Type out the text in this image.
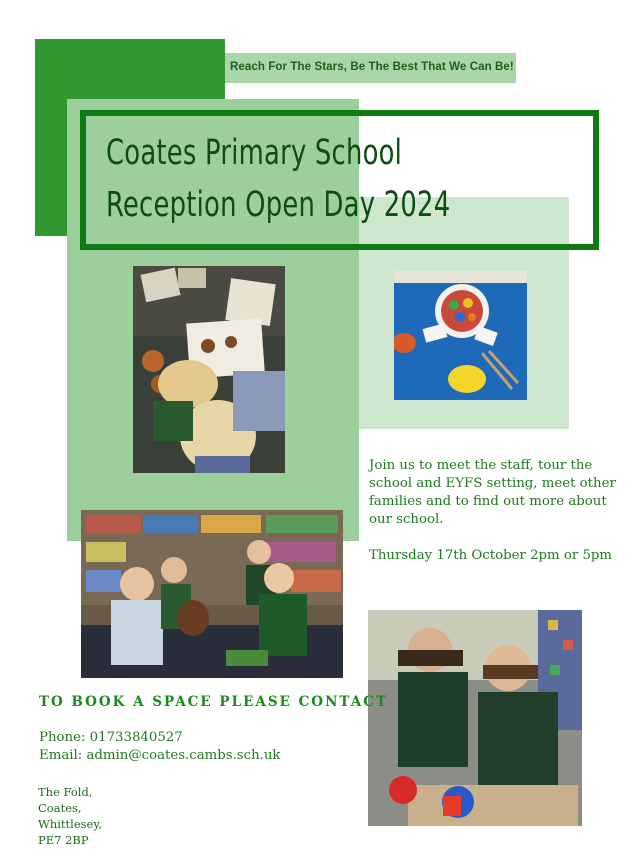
Reach For The Stars, Be The Best That We Can Be!
Coates Primary School
Reception Open Day 2024

Join us to meet the staff, tour the school and EYFS setting, meet other families and to find out more about our school.

Thursday 17th October 2pm or 5pm

TO BOOK A SPACE PLEASE CONTACT
Phone: 01733840527
Email: admin@coates.cambs.sch.uk
The Fold,
Coates,
Whittlesey,
PE7 2BP
